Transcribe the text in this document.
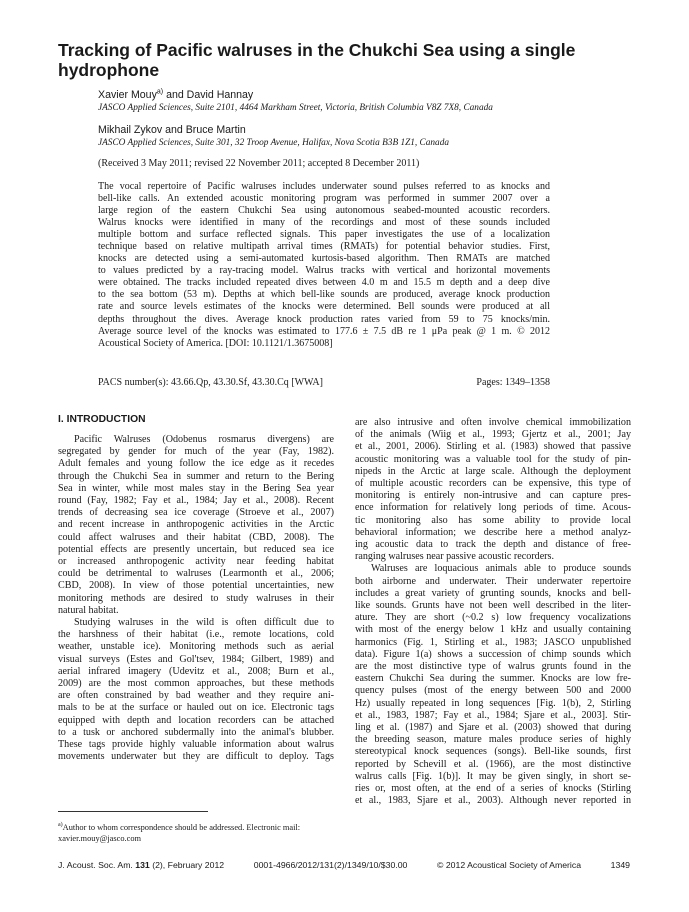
Tracking of Pacific walruses in the Chukchi Sea using a single hydrophone
Xavier Mouy$^{a)}$ and David Hannay
JASCO Applied Sciences, Suite 2101, 4464 Markham Street, Victoria, British Columbia V8Z 7X8, Canada
Mikhail Zykov and Bruce Martin
JASCO Applied Sciences, Suite 301, 32 Troop Avenue, Halifax, Nova Scotia B3B 1Z1, Canada
(Received 3 May 2011; revised 22 November 2011; accepted 8 December 2011)
The vocal repertoire of Pacific walruses includes underwater sound pulses referred to as knocks and
bell-like calls. An extended acoustic monitoring program was performed in summer 2007 over a
large region of the eastern Chukchi Sea using autonomous seabed-mounted acoustic recorders.
Walrus knocks were identified in many of the recordings and most of these sounds included
multiple bottom and surface reflected signals. This paper investigates the use of a localization
technique based on relative multipath arrival times (RMATs) for potential behavior studies. First,
knocks are detected using a semi-automated kurtosis-based algorithm. Then RMATs are matched
to values predicted by a ray-tracing model. Walrus tracks with vertical and horizontal movements
were obtained. The tracks included repeated dives between 4.0 m and 15.5 m depth and a deep dive
to the sea bottom (53 m). Depths at which bell-like sounds are produced, average knock production
rate and source levels estimates of the knocks were determined. Bell sounds were produced at all
depths throughout the dives. Average knock production rates varied from 59 to 75 knocks/min.
Average source level of the knocks was estimated to 177.6 ± 7.5 dB re 1 μPa peak @ 1 m. © 2012
Acoustical Society of America. [DOI: 10.1121/1.3675008]
PACS number(s): 43.66.Qp, 43.30.Sf, 43.30.Cq [WWA]	Pages: 1349–1358
I. INTRODUCTION
Pacific Walruses (Odobenus rosmarus divergens) are
segregated by gender for much of the year (Fay, 1982).
Adult females and young follow the ice edge as it recedes
through the Chukchi Sea in summer and return to the Bering
Sea in winter, while most males stay in the Bering Sea year
round (Fay, 1982; Fay et al., 1984; Jay et al., 2008). Recent
trends of decreasing sea ice coverage (Stroeve et al., 2007)
and recent increase in anthropogenic activities in the Arctic
could affect walruses and their habitat (CBD, 2008). The
potential effects are presently uncertain, but reduced sea ice
or increased anthropogenic activity near feeding habitat
could be detrimental to walruses (Learmonth et al., 2006;
CBD, 2008). In view of those potential uncertainties, new
monitoring methods are desired to study walruses in their
natural habitat.
Studying walruses in the wild is often difficult due to
the harshness of their habitat (i.e., remote locations, cold
weather, unstable ice). Monitoring methods such as aerial
visual surveys (Estes and Gol'tsev, 1984; Gilbert, 1989) and
aerial infrared imagery (Udevitz et al., 2008; Burn et al.,
2009) are the most common approaches, but these methods
are often constrained by bad weather and they require ani-
mals to be at the surface or hauled out on ice. Electronic tags
equipped with depth and location recorders can be attached
to a tusk or anchored subdermally into the animal's blubber.
These tags provide highly valuable information about walrus
movements underwater but they are difficult to deploy. Tags
are also intrusive and often involve chemical immobilization
of the animals (Wiig et al., 1993; Gjertz et al., 2001; Jay
et al., 2001, 2006). Stirling et al. (1983) showed that passive
acoustic monitoring was a valuable tool for the study of pin-
nipeds in the Arctic at large scale. Although the deployment
of multiple acoustic recorders can be expensive, this type of
monitoring is entirely non-intrusive and can capture pres-
ence information for relatively long periods of time. Acous-
tic monitoring also has some ability to provide local
behavioral information; we describe here a method analyz-
ing acoustic data to track the depth and distance of free-
ranging walruses near passive acoustic recorders.
Walruses are loquacious animals able to produce sounds
both airborne and underwater. Their underwater repertoire
includes a great variety of grunting sounds, knocks and bell-
like sounds. Grunts have not been well described in the liter-
ature. They are short (~0.2 s) low frequency vocalizations
with most of the energy below 1 kHz and usually containing
harmonics (Fig. 1, Stirling et al., 1983; JASCO unpublished
data). Figure 1(a) shows a succession of chimp sounds which
are the most distinctive type of walrus grunts found in the
eastern Chukchi Sea during the summer. Knocks are low fre-
quency pulses (most of the energy between 500 and 2000
Hz) usually repeated in long sequences [Fig. 1(b), 2, Stirling
et al., 1983, 1987; Fay et al., 1984; Sjare et al., 2003]. Stir-
ling et al. (1987) and Sjare et al. (2003) showed that during
the breeding season, mature males produce series of highly
stereotypical knock sequences (songs). Bell-like sounds, first
reported by Schevill et al. (1966), are the most distinctive
walrus calls [Fig. 1(b)]. It may be given singly, in short se-
ries or, most often, at the end of a series of knocks (Stirling
et al., 1983, Sjare et al., 2003). Although never reported in
$^{a)}$Author to whom correspondence should be addressed. Electronic mail:
xavier.mouy@jasco.com
J. Acoust. Soc. Am. 131 (2), February 2012	0001-4966/2012/131(2)/1349/10/$30.00	© 2012 Acoustical Society of America	1349
